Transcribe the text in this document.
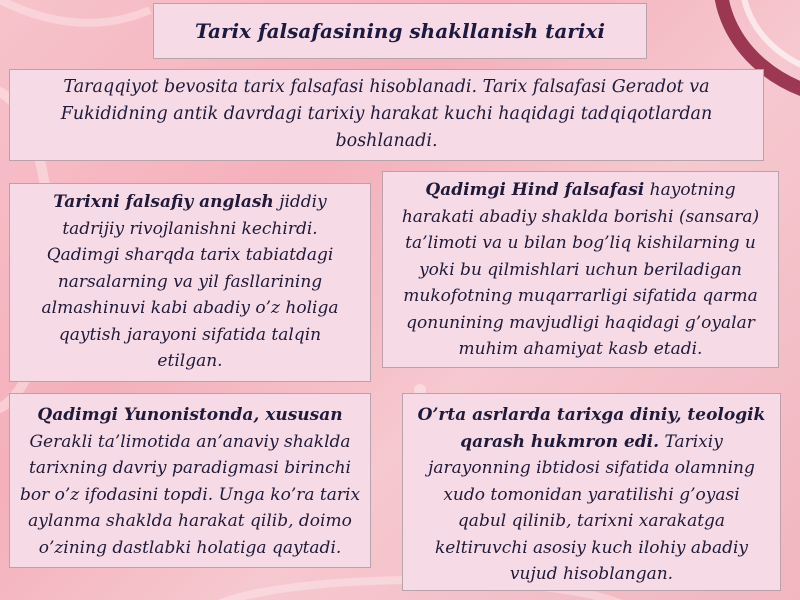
Tarix falsafasining shakllanish tarixi
Taraqqiyot bevosita tarix falsafasi hisoblanadi. Tarix falsafasi Geradot va Fukididning antik davrdagi tarixiy harakat kuchi haqidagi tadqiqotlardan boshlanadi.
Tarixni falsafiy anglash jiddiy tadrijiy rivojlanishni kechirdi. Qadimgi sharqda tarix tabiatdagi narsalarning va yil fasllarining almashinuvi kabi abadiy o’z holiga qaytish jarayoni sifatida talqin etilgan.
Qadimgi Hind falsafasi hayotning harakati abadiy shaklda borishi (sansara) ta’limoti va u bilan bog’liq kishilarning u yoki bu qilmishlari uchun beriladigan mukofotning muqarrarligi sifatida qarma qonunining mavjudligi haqidagi g’oyalar muhim ahamiyat kasb etadi.
Qadimgi Yunonistonda, xususan Gerakli ta’limotida an’anaviy shaklda tarixning davriy paradigmasi birinchi bor o’z ifodasini topdi. Unga ko’ra tarix aylanma shaklda harakat qilib, doimo o’zining dastlabki holatiga qaytadi.
O’rta asrlarda tarixga diniy, teologik qarash hukmron edi. Tarixiy jarayonning ibtidosi sifatida olamning xudo tomonidan yaratilishi g’oyasi qabul qilinib, tarixni xarakatga keltiruvchi asosiy kuch ilohiy abadiy vujud hisoblangan.
